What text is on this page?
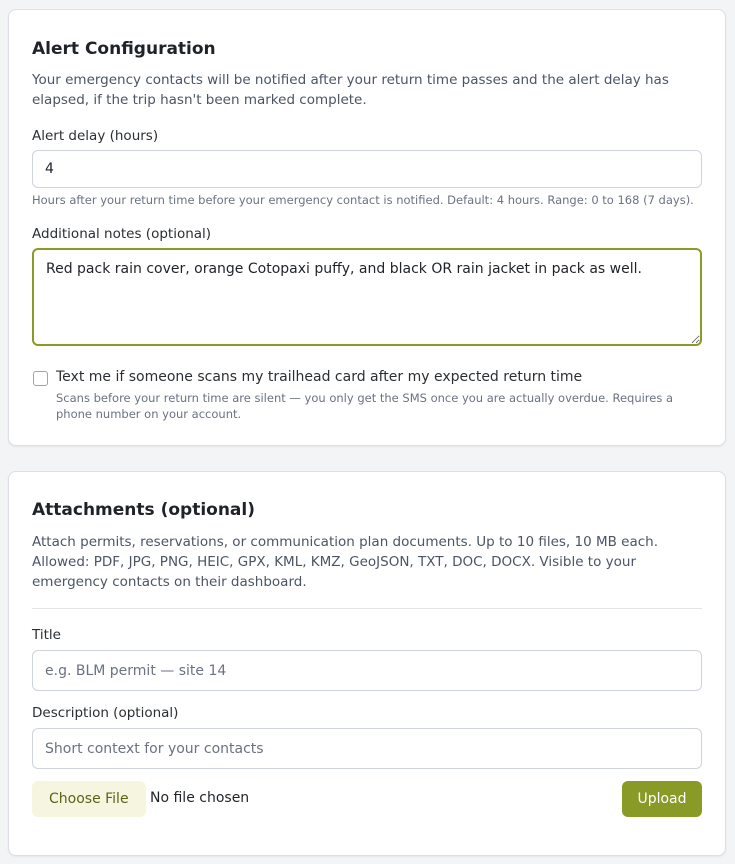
Alert Configuration

Your emergency contacts will be notified after your return time passes and the alert delay has elapsed, if the trip hasn't been marked complete.

Alert delay (hours)
4
Hours after your return time before your emergency contact is notified. Default: 4 hours. Range: 0 to 168 (7 days).
Additional notes (optional)
Red pack rain cover, orange Cotopaxi puffy, and black OR rain jacket in pack as well.
Text me if someone scans my trailhead card after my expected return time
Scans before your return time are silent — you only get the SMS once you are actually overdue. Requires a phone number on your account.
Attachments (optional)

Attach permits, reservations, or communication plan documents. Up to 10 files, 10 MB each. Allowed: PDF, JPG, PNG, HEIC, GPX, KML, KMZ, GeoJSON, TXT, DOC, DOCX. Visible to your emergency contacts on their dashboard.

Title
e.g. BLM permit — site 14
Description (optional)
Short context for your contacts
Choose File	No file chosen	Upload
